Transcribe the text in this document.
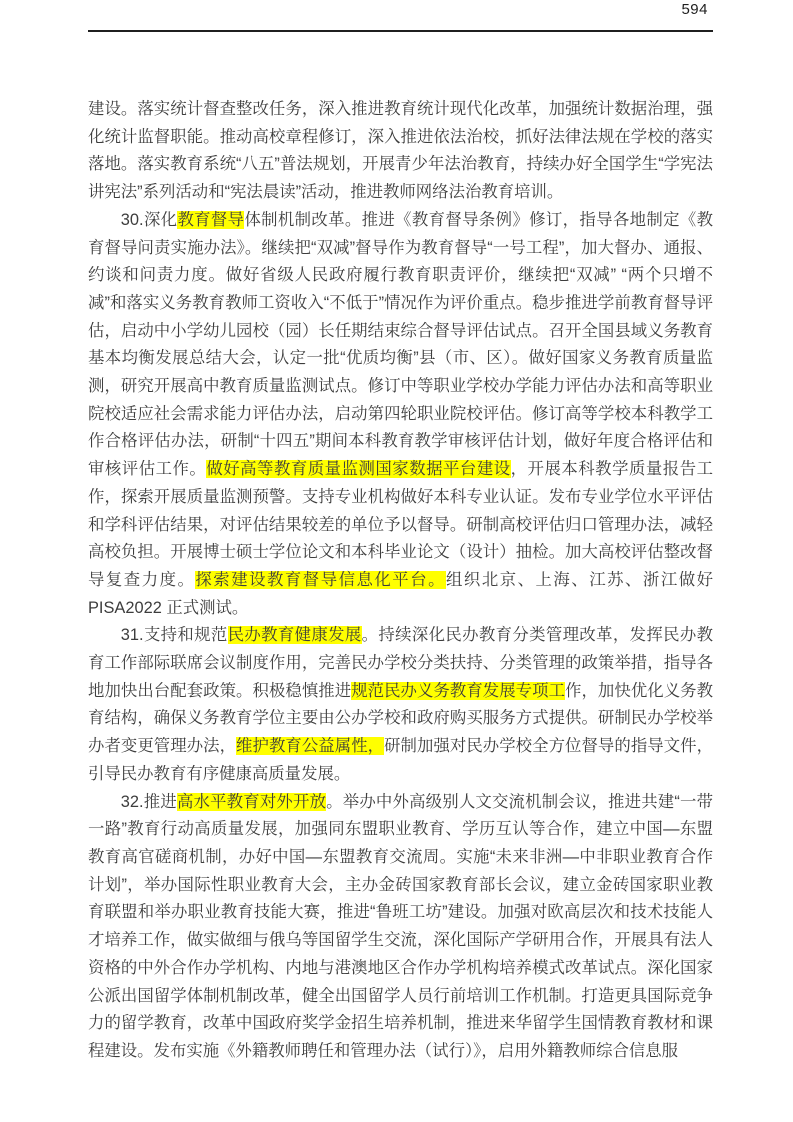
594

建设。落实统计督查整改任务，深入推进教育统计现代化改革，加强统计数据治理，强化统计监督职能。推动高校章程修订，深入推进依法治校，抓好法律法规在学校的落实落地。落实教育系统“八五”普法规划，开展青少年法治教育，持续办好全国学生“学宪法 讲宪法”系列活动和“宪法晨读”活动，推进教师网络法治教育培训。

30.深化教育督导体制机制改革。推进《教育督导条例》修订，指导各地制定《教育督导问责实施办法》。继续把“双减”督导作为教育督导“一号工程”，加大督办、通报、约谈和问责力度。做好省级人民政府履行教育职责评价，继续把“双减” “两个只增不减”和落实义务教育教师工资收入“不低于”情况作为评价重点。稳步推进学前教育督导评估，启动中小学幼儿园校（园）长任期结束综合督导评估试点。召开全国县域义务教育基本均衡发展总结大会，认定一批“优质均衡”县（市、区）。做好国家义务教育质量监测，研究开展高中教育质量监测试点。修订中等职业学校办学能力评估办法和高等职业院校适应社会需求能力评估办法，启动第四轮职业院校评估。修订高等学校本科教学工作合格评估办法，研制“十四五”期间本科教育教学审核评估计划，做好年度合格评估和审核评估工作。做好高等教育质量监测国家数据平台建设，开展本科教学质量报告工作，探索开展质量监测预警。支持专业机构做好本科专业认证。发布专业学位水平评估和学科评估结果，对评估结果较差的单位予以督导。研制高校评估归口管理办法，减轻高校负担。开展博士硕士学位论文和本科毕业论文（设计）抽检。加大高校评估整改督导复查力度。探索建设教育督导信息化平台。组织北京、上海、江苏、浙江做好 PISA2022 正式测试。

31.支持和规范民办教育健康发展。持续深化民办教育分类管理改革，发挥民办教育工作部际联席会议制度作用，完善民办学校分类扶持、分类管理的政策举措，指导各地加快出台配套政策。积极稳慎推进规范民办义务教育发展专项工作，加快优化义务教育结构，确保义务教育学位主要由公办学校和政府购买服务方式提供。研制民办学校举办者变更管理办法，维护教育公益属性，研制加强对民办学校全方位督导的指导文件，引导民办教育有序健康高质量发展。

32.推进高水平教育对外开放。举办中外高级别人文交流机制会议，推进共建“一带一路”教育行动高质量发展，加强同东盟职业教育、学历互认等合作，建立中国—东盟教育高官磋商机制，办好中国—东盟教育交流周。实施“未来非洲—中非职业教育合作计划”，举办国际性职业教育大会，主办金砖国家教育部长会议，建立金砖国家职业教育联盟和举办职业教育技能大赛，推进“鲁班工坊”建设。加强对欧高层次和技术技能人才培养工作，做实做细与俄乌等国留学生交流，深化国际产学研用合作，开展具有法人资格的中外合作办学机构、内地与港澳地区合作办学机构培养模式改革试点。深化国家公派出国留学体制机制改革，健全出国留学人员行前培训工作机制。打造更具国际竞争力的留学教育，改革中国政府奖学金招生培养机制，推进来华留学生国情教育教材和课程建设。发布实施《外籍教师聘任和管理办法（试行）》，启用外籍教师综合信息服
